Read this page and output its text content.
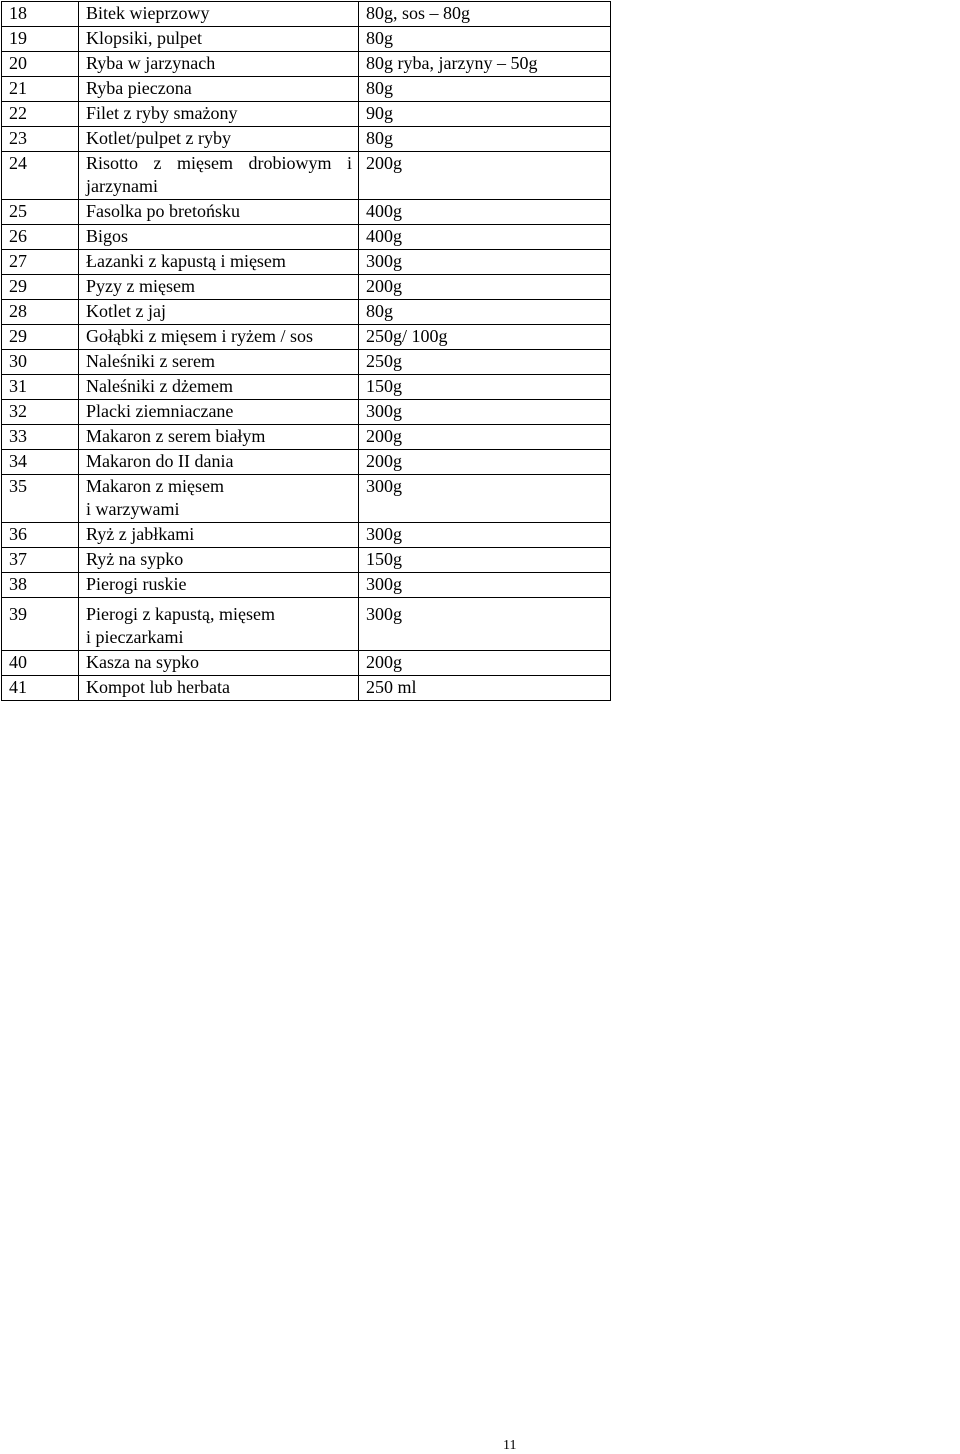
18	Bitek wieprzowy	80g, sos – 80g
19	Klopsiki, pulpet	80g
20	Ryba w jarzynach	80g ryba, jarzyny – 50g
21	Ryba pieczona	80g
22	Filet z ryby smażony	90g
23	Kotlet/pulpet z ryby	80g
24	Risotto z mięsem drobiowym i
jarzynami	200g
25	Fasolka po bretońsku	400g
26	Bigos	400g
27	Łazanki z kapustą i mięsem	300g
29	Pyzy z mięsem	200g
28	Kotlet z jaj	80g
29	Gołąbki z mięsem i ryżem / sos	250g/ 100g
30	Naleśniki z serem	250g
31	Naleśniki z dżemem	150g
32	Placki ziemniaczane	300g
33	Makaron z serem białym	200g
34	Makaron do II dania	200g
35	Makaron z mięsem
i warzywami	300g
36	Ryż z jabłkami	300g
37	Ryż na sypko	150g
38	Pierogi ruskie	300g
39	Pierogi z kapustą, mięsem
i pieczarkami	300g
40	Kasza na sypko	200g
41	Kompot lub herbata	250 ml
11
